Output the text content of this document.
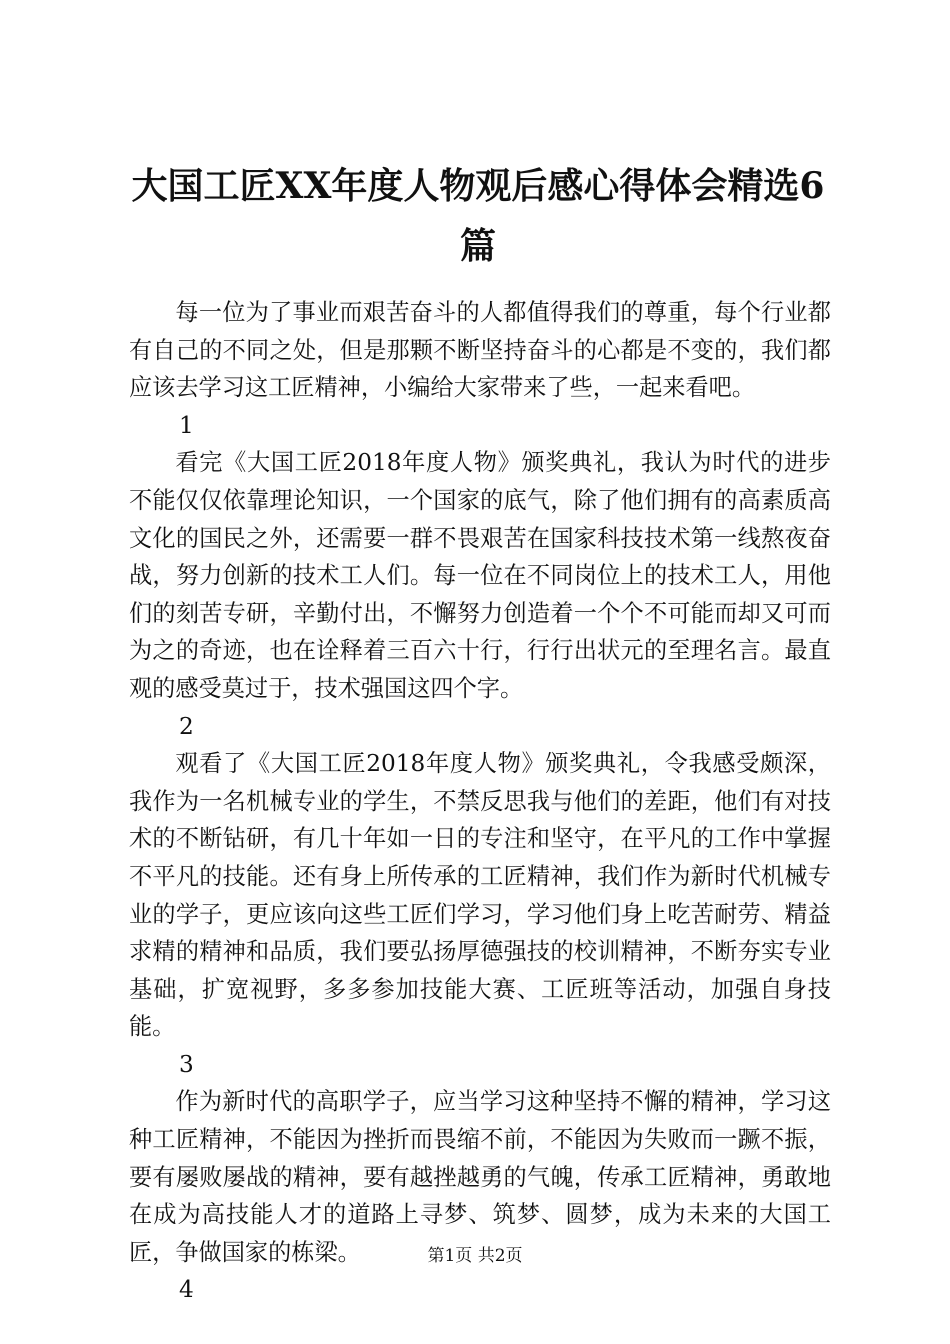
大国工匠XX年度人物观后感心得体会精选6篇

每一位为了事业而艰苦奋斗的人都值得我们的尊重，每个行业都有自己的不同之处，但是那颗不断坚持奋斗的心都是不变的，我们都应该去学习这工匠精神，小编给大家带来了些，一起来看吧。

1

看完《大国工匠2018年度人物》颁奖典礼，我认为时代的进步不能仅仅依靠理论知识，一个国家的底气，除了他们拥有的高素质高文化的国民之外，还需要一群不畏艰苦在国家科技技术第一线熬夜奋战，努力创新的技术工人们。每一位在不同岗位上的技术工人，用他们的刻苦专研，辛勤付出，不懈努力创造着一个个不可能而却又可而为之的奇迹，也在诠释着三百六十行，行行出状元的至理名言。最直观的感受莫过于，技术强国这四个字。

2

观看了《大国工匠2018年度人物》颁奖典礼，令我感受颇深，我作为一名机械专业的学生，不禁反思我与他们的差距，他们有对技术的不断钻研，有几十年如一日的专注和坚守，在平凡的工作中掌握不平凡的技能。还有身上所传承的工匠精神，我们作为新时代机械专业的学子，更应该向这些工匠们学习，学习他们身上吃苦耐劳、精益求精的精神和品质，我们要弘扬厚德强技的校训精神，不断夯实专业基础，扩宽视野，多多参加技能大赛、工匠班等活动，加强自身技能。

3

作为新时代的高职学子，应当学习这种坚持不懈的精神，学习这种工匠精神，不能因为挫折而畏缩不前，不能因为失败而一蹶不振，要有屡败屡战的精神，要有越挫越勇的气魄，传承工匠精神，勇敢地在成为高技能人才的道路上寻梦、筑梦、圆梦，成为未来的大国工匠，争做国家的栋梁。

4

第1页 共2页
